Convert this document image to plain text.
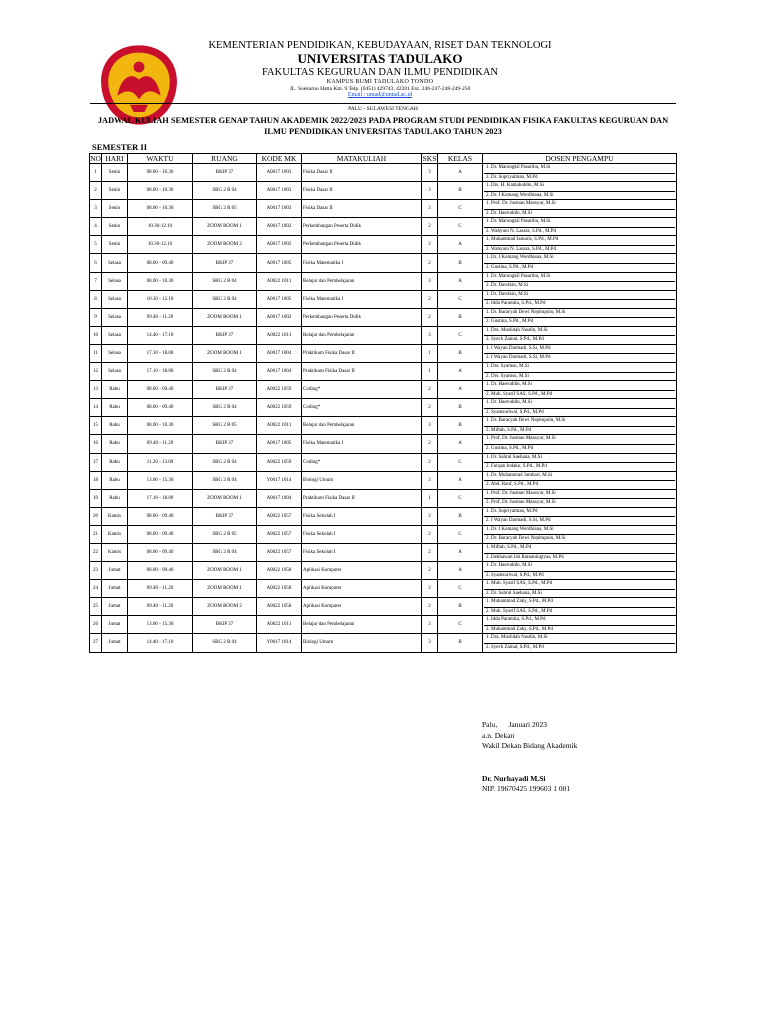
KEMENTERIAN PENDIDIKAN, KEBUDAYAAN, RISET DAN TEKNOLOGI
UNIVERSITAS TADULAKO
FAKULTAS KEGURUAN DAN ILMU PENDIDIKAN
KAMPUS BUMI TADULAKO TONDO
JL. Soekarno Hatta Km. 9 Telp. (0451) 429743, 42201 Ext. 246-247-248-249-250
Email : untad@untad.ac.id
PALU - SULAWESI TENGAH
JADWAL KULIAH SEMESTER GENAP TAHUN AKADEMIK 2022/2023 PADA PROGRAM STUDI PENDIDIKAN FISIKA FAKULTAS KEGURUAN DAN ILMU PENDIDIKAN UNIVERSITAS TADULAKO TAHUN 2023
SEMESTER II
NO	HARI	WAKTU	RUANG	KODE MK	MATAKULIAH	SKS	KELAS	DOSEN PENGAMPU
1	Senin	08.00 - 10.30	BKIP 37	A0017 1003	Fisika Dasar II	3	A	1. Dr. Marungkil Pasaribu, M.Si
2. Dr. Supriyatman, M.Pd

2	Senin	08.00 - 10.30	SBG 2 R 04	A0017 1003	Fisika Dasar II	3	B	1. Drs. H. Kamaluddin, M.Si
2. Dr. I Komang Werdhiana, M.Si

3	Senin	08.00 - 10.30	SBG 2 R 05	A0017 1003	Fisika Dasar II	3	C	1. Prof. Dr. Jusman Mansyur, M.Si
2. Dr. Haeruddin, M.Si

4	Senin	10.30-12.10	ZOOM ROOM 1	A0017 1002	Perkembangan Peserta Didik	2	C	1. Dr. Marungkil Pasaribu, M.Si
2. Wahyuni N. Lasara, S.Pd., M.Pd

5	Senin	10.30-12.10	ZOOM ROOM 2	A0017 1002	Perkembangan Peserta Didik	2	A	1. Muhammad Jamaris, S.Pd., M.Pd
2. Wahyuni N. Lasara, S.Pd., M.Pd

6	Selasa	08.00 - 09.40	BKIP 37	A0017 1005	Fisika Matematika I	2	B	1. Dr. I Komang Werdhiana, M.Si
2. Gustina, S.Pd., M.Pd

7	Selasa	08.00 - 10.30	SBG 2 R 04	A0022 1011	Belajar dan Pembelajaran	3	A	1. Dr. Marungkil Pasaribu, M.Si
2. Dr. Darsikin, M.Si

8	Selasa	10.30 - 12.10	SBG 2 R 04	A0017 1005	Fisika Matematika I	2	C	1. Dr. Darsikin, M.Si
2. Idda Paramita, S.Pd., M.Pd

9	Selasa	09.40 - 11.20	ZOOM ROOM 1	A0017 1002	Perkembangan Peserta Didik	2	B	1. Dr. Baracyah Dewi Nepitupulu, M.Si
2. Gustina, S.Pd., M.Pd

10	Selasa	14.40 - 17.10	BKIP 37	A0022 1011	Belajar dan Pembelajaran	3	C	1. Dra. Muslidah Nasdin, M.Si
2. Syech Zainal, S.Pd., M.Pd

11	Selasa	17.10 - 18.00	ZOOM ROOM 1	A0017 1004	Praktikum Fisika Dasar II	1	B	1. I Wayan Darmadi, S.Si, M.Pd
2. I Wayan Darmadi, S.Si, M.Pd

12	Selasa	17.10 - 18.00	SBG 2 R 04	A0017 1004	Praktikum Fisika Dasar II	1	A	1. Drs. Syamsu, M.Si
2. Drs. Syamsu, M.Si

13	Rabu	08.00 - 09.40	BKIP 37	A0022 1059	Coding*	2	A	1. Dr. Haeruddin, M.Si
2. Muh. Syarif SAS, S.Pd., M.Pd

14	Rabu	08.00 - 09.40	SBG 2 R 04	A0022 1059	Coding*	2	B	1. Dr. Haeruddin, M.Si
2. Syamsuriwal, S.Pd., M.Pd

15	Rabu	08.00 - 10.30	SBG 2 R 05	A0022 1011	Belajar dan Pembelajaran	3	B	1. Dr. Baracyah Dewi Nepitupulu, M.Si
2. Miftah, S.Pd., M.Pd

16	Rabu	09.40 - 11.20	BKIP 37	A0017 1005	Fisika Matematika I	2	A	1. Prof. Dr. Jusman Mansyur, M.Si
2. Gustina, S.Pd., M.Pd

17	Rabu	11.20 - 13.00	SBG 2 R 04	A0022 1059	Coding*	2	C	1. Dr. Sahrul Saehana, M.Si
2. Furqan Indako, S.Pd., M.Pd

18	Rabu	13.00 - 15.30	SBG 2 R 04	Y0017 1014	Biologi Umum	3	A	1. Dr. Muhammad Jamhari, M.Si
2. Abd. Rauf, S.Pd., M.Pd

19	Rabu	17.10 - 18.00	ZOOM ROOM 1	A0017 1004	Praktikum Fisika Dasar II	1	C	1. Prof. Dr. Jusman Mansyur, M.Si
2. Prof. Dr. Jusman Mansyur, M.Si

20	Kamis	08.00 - 09.40	BKIP 37	A0022 1057	Fisika Sekolah I	2	B	1. Dr. Supriyatman, M.Pd
2. I Wayan Darmadi, S.Si, M.Pd

21	Kamis	08.00 - 09.40	SBG 2 R 05	A0022 1057	Fisika Sekolah I	2	C	1. Dr. I Komang Werdhiana, M.Si
2. Dr. Baracyah Dewi Nepitupulu, M.Si

22	Kamis	08.00 - 09.40	SBG 2 R 04	A0022 1057	Fisika Sekolah I	2	A	1. Miftah, S.Pd., M.Pd
2. Dekhawati Isti Ratnaningtyas, M.Pd

23	Jumat	08.00 - 09.40	ZOOM ROOM 1	A0022 1058	Aplikasi Komputer	2	A	1. Dr. Haeruddin, M.Si
2. Syamsuriwal, S.Pd., M.Pd

24	Jumat	09.40 - 11.20	ZOOM ROOM 1	A0022 1058	Aplikasi Komputer	2	C	1. Muh. Syarif SAS, S.Pd., M.Pd
2. Dr. Sahrul Saehana, M.Si

25	Jumat	09.40 - 11.20	ZOOM ROOM 2	A0022 1058	Aplikasi Komputer	2	B	1. Muhammad Zaky, S.Pd., M.Pd
2. Muh. Syarif SAS, S.Pd., M.Pd

26	Jumat	13.00 - 15.30	BKIP 37	A0022 1011	Belajar dan Pembelajaran	3	C	1. Idda Paramita, S.Pd., M.Pd
2. Muhammad Zaky, S.Pd., M.Pd

27	Jumat	14.40 - 17.10	SBG 2 R 04	Y0017 1014	Biologi Umum	3	B	1. Dra. Muslidah Nasdin, M.Si
2. Syech Zainal, S.Pd., M.Pd
Palu,      Januari 2023
a.n. Dekan
Wakil Dekan Bidang Akademik
Dr. Nurhayadi M.Si
NIP. 19670425 199603 1 001
